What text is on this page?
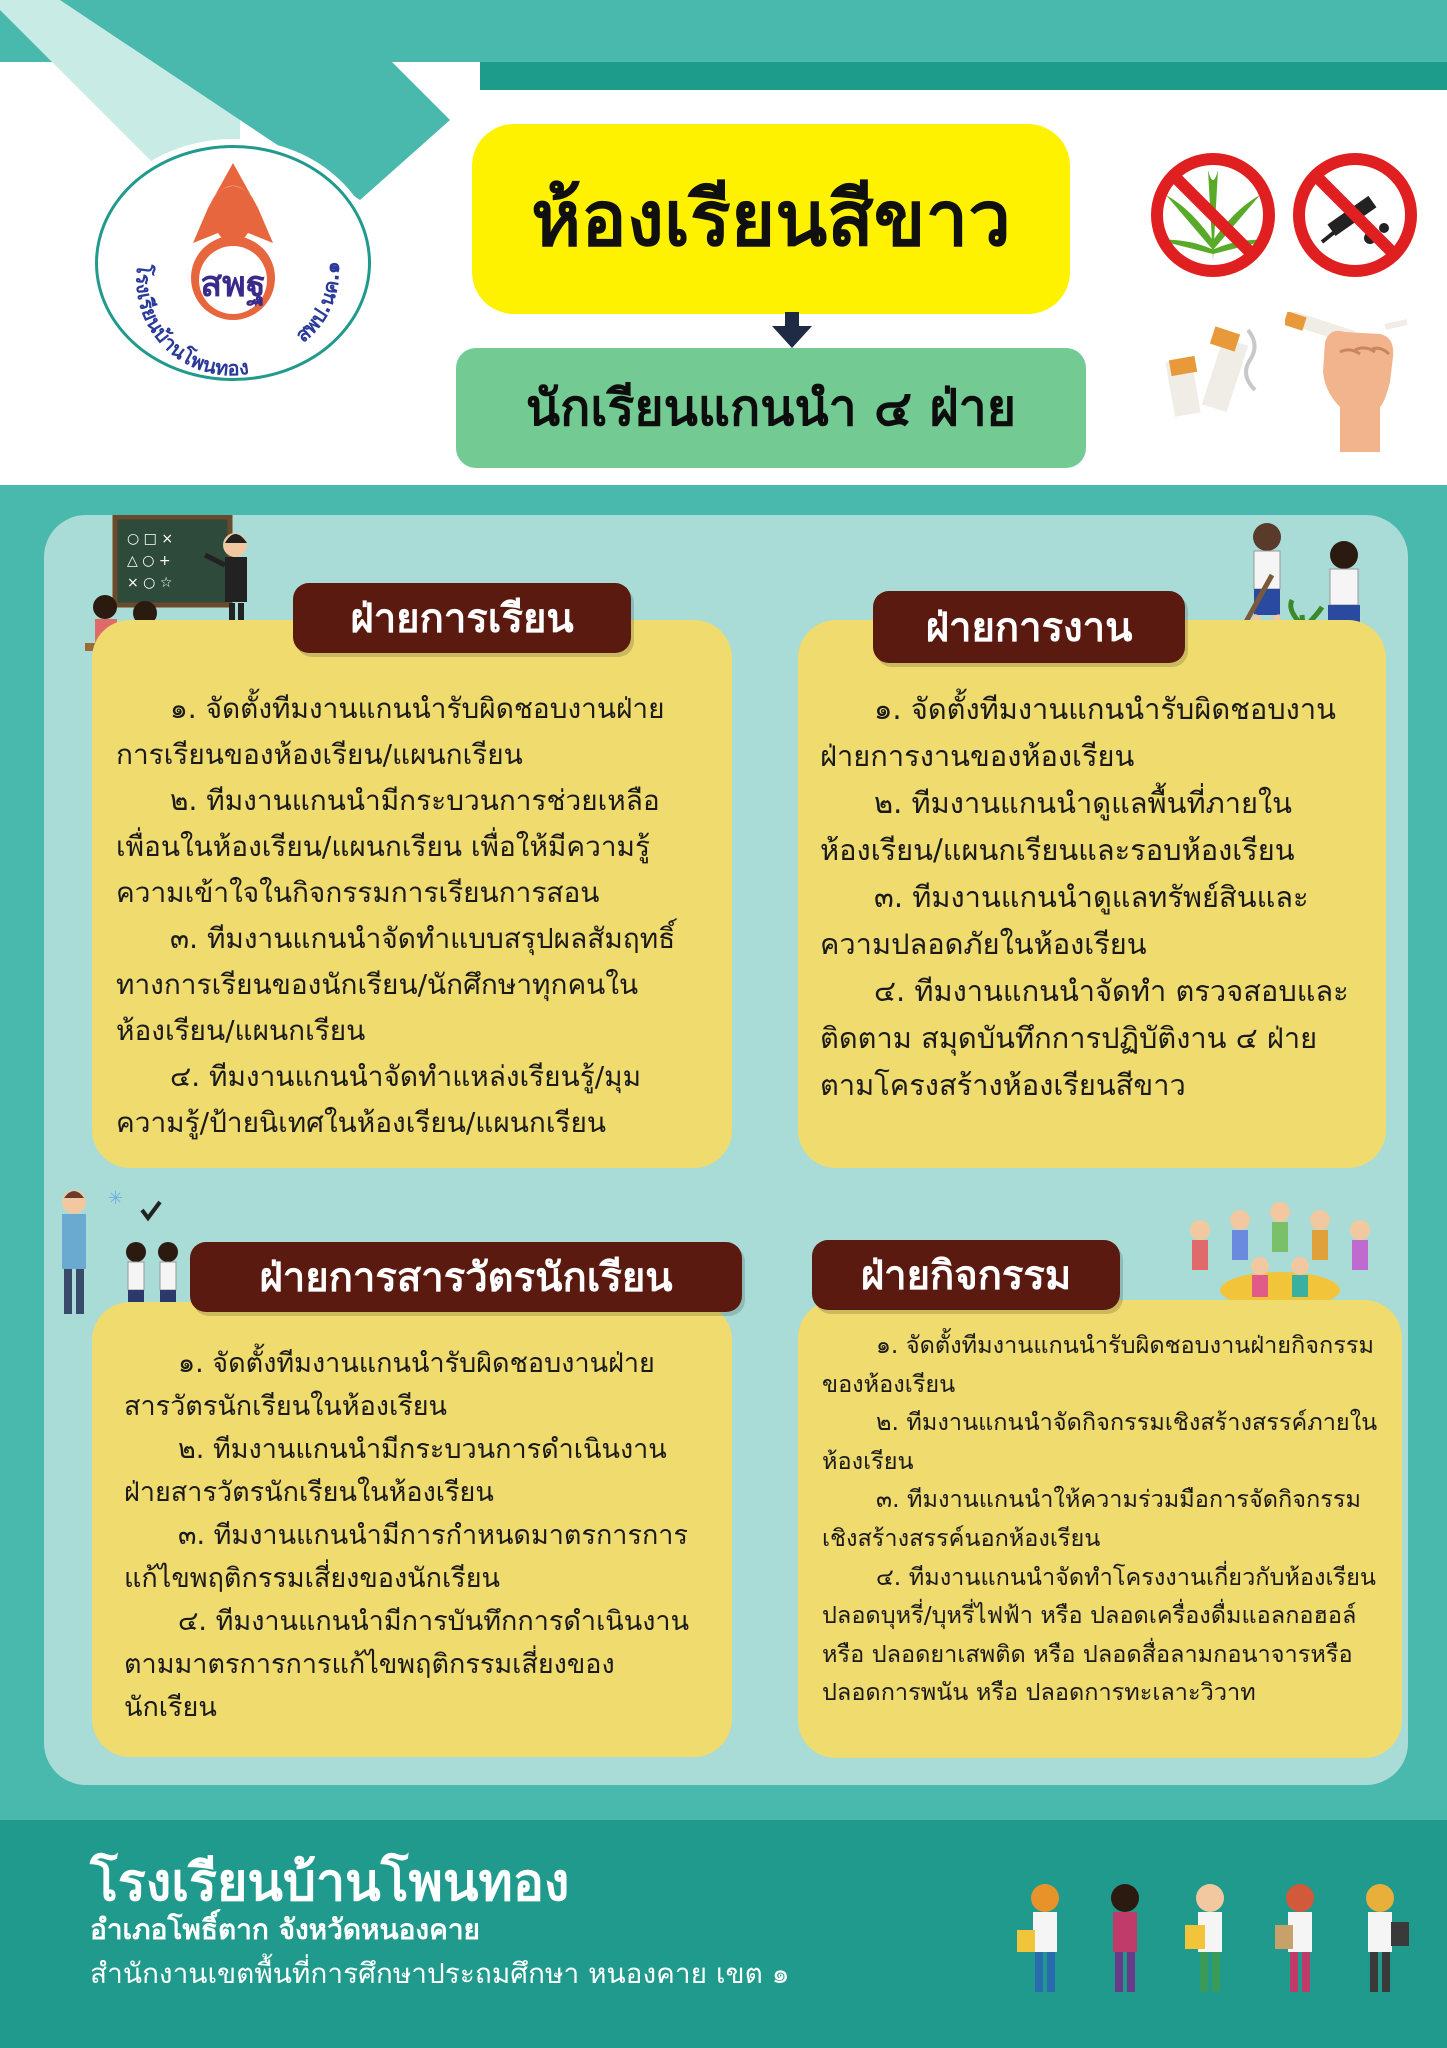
สพฐ
โรงเรียนบ้านโพนทอง
สพป.นค.๑
ห้องเรียนสีขาว
นักเรียนแกนนำ ๔ ฝ่าย
○ □ ×
△ ○ +
× ○ ☆
๑. จัดตั้งทีมงานแกนนำรับผิดชอบงานฝ่ายการเรียนของห้องเรียน/แผนกเรียน
๒. ทีมงานแกนนำมีกระบวนการช่วยเหลือเพื่อนในห้องเรียน/แผนกเรียน เพื่อให้มีความรู้ความเข้าใจในกิจกรรมการเรียนการสอน
๓. ทีมงานแกนนำจัดทำแบบสรุปผลสัมฤทธิ์ทางการเรียนของนักเรียน/นักศึกษาทุกคนในห้องเรียน/แผนกเรียน
๔. ทีมงานแกนนำจัดทำแหล่งเรียนรู้/มุมความรู้/ป้ายนิเทศในห้องเรียน/แผนกเรียน
ฝ่ายการเรียน
๑. จัดตั้งทีมงานแกนนำรับผิดชอบงานฝ่ายการงานของห้องเรียน
๒. ทีมงานแกนนำดูแลพื้นที่ภายในห้องเรียน/แผนกเรียนและรอบห้องเรียน
๓. ทีมงานแกนนำดูแลทรัพย์สินและความปลอดภัยในห้องเรียน
๔. ทีมงานแกนนำจัดทำ ตรวจสอบและติดตาม สมุดบันทึกการปฏิบัติงาน ๔ ฝ่าย ตามโครงสร้างห้องเรียนสีขาว
ฝ่ายการงาน
✳
๑. จัดตั้งทีมงานแกนนำรับผิดชอบงานฝ่ายสารวัตรนักเรียนในห้องเรียน
๒. ทีมงานแกนนำมีกระบวนการดำเนินงานฝ่ายสารวัตรนักเรียนในห้องเรียน
๓. ทีมงานแกนนำมีการกำหนดมาตรการการแก้ไขพฤติกรรมเสี่ยงของนักเรียน
๔. ทีมงานแกนนำมีการบันทึกการดำเนินงานตามมาตรการการแก้ไขพฤติกรรมเสี่ยงของนักเรียน
ฝ่ายการสารวัตรนักเรียน
๑. จัดตั้งทีมงานแกนนำรับผิดชอบงานฝ่ายกิจกรรมของห้องเรียน
๒. ทีมงานแกนนำจัดกิจกรรมเชิงสร้างสรรค์ภายในห้องเรียน
๓. ทีมงานแกนนำให้ความร่วมมือการจัดกิจกรรมเชิงสร้างสรรค์นอกห้องเรียน
๔. ทีมงานแกนนำจัดทำโครงงานเกี่ยวกับห้องเรียนปลอดบุหรี่/บุหรี่ไฟฟ้า หรือ ปลอดเครื่องดื่มแอลกอฮอล์ หรือ ปลอดยาเสพติด หรือ ปลอดสื่อลามกอนาจารหรือปลอดการพนัน หรือ ปลอดการทะเลาะวิวาท
ฝ่ายกิจกรรม
โรงเรียนบ้านโพนทอง
อำเภอโพธิ์ตาก จังหวัดหนองคาย
สำนักงานเขตพื้นที่การศึกษาประถมศึกษา หนองคาย เขต ๑
